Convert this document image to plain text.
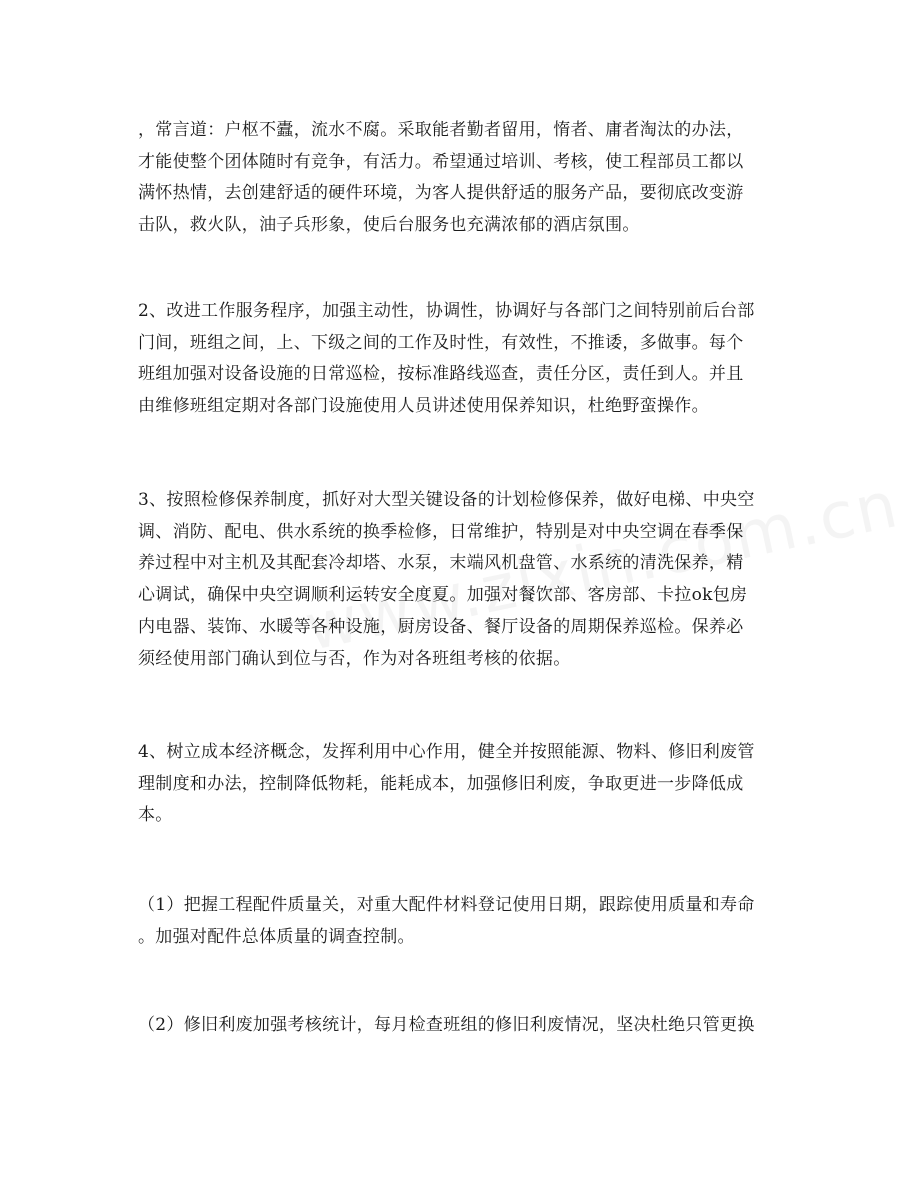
，常言道：户枢不蠹，流水不腐。采取能者勤者留用，惰者、庸者淘汰的办法，
才能使整个团体随时有竞争，有活力。希望通过培训、考核，使工程部员工都以
满怀热情，去创建舒适的硬件环境，为客人提供舒适的服务产品，要彻底改变游
击队，救火队，油子兵形象，使后台服务也充满浓郁的酒店氛围。

2、改进工作服务程序，加强主动性，协调性，协调好与各部门之间特别前后台部
门间，班组之间，上、下级之间的工作及时性，有效性，不推诿，多做事。每个
班组加强对设备设施的日常巡检，按标准路线巡查，责任分区，责任到人。并且
由维修班组定期对各部门设施使用人员讲述使用保养知识，杜绝野蛮操作。

3、按照检修保养制度，抓好对大型关键设备的计划检修保养，做好电梯、中央空
调、消防、配电、供水系统的换季检修，日常维护，特别是对中央空调在春季保
养过程中对主机及其配套冷却塔、水泵，末端风机盘管、水系统的清洗保养，精
心调试，确保中央空调顺利运转安全度夏。加强对餐饮部、客房部、卡拉ok包房
内电器、装饰、水暖等各种设施，厨房设备、餐厅设备的周期保养巡检。保养必
须经使用部门确认到位与否，作为对各班组考核的依据。

4、树立成本经济概念，发挥利用中心作用，健全并按照能源、物料、修旧利废管
理制度和办法，控制降低物耗，能耗成本，加强修旧利废，争取更进一步降低成
本。

（1）把握工程配件质量关，对重大配件材料登记使用日期，跟踪使用质量和寿命
。加强对配件总体质量的调查控制。

（2）修旧利废加强考核统计，每月检查班组的修旧利废情况，坚决杜绝只管更换
